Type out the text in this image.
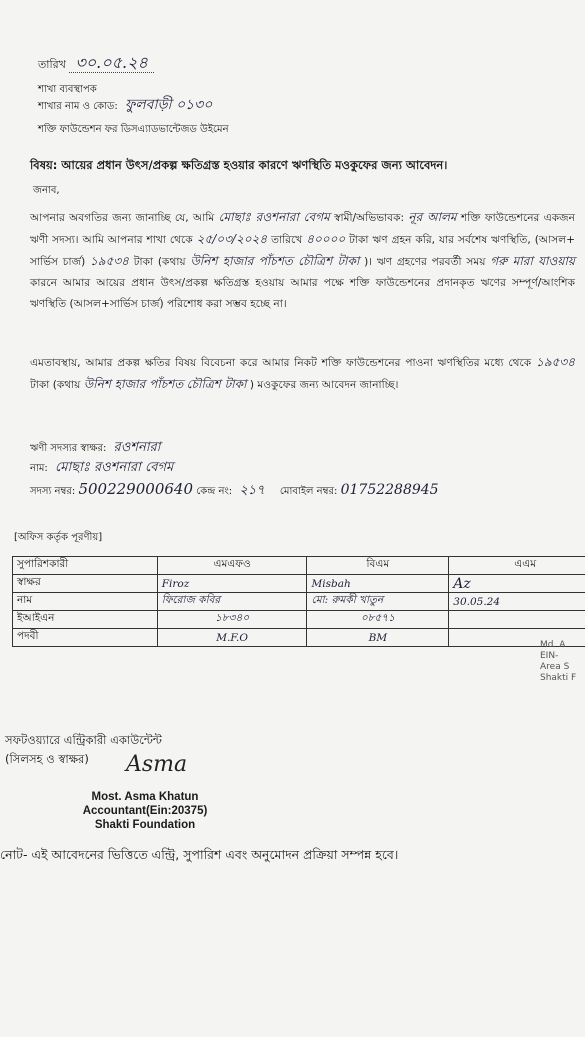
তারিখ ৩০.০৫.২৪
শাখা ব্যবস্থাপক
শাখার নাম ও কোড: ফুলবাড়ী ০১৩০
শক্তি ফাউন্ডেশন ফর ডিসএ্যাডভান্টেজড উইমেন
বিষয়: আয়ের প্রধান উৎস/প্রকল্প ক্ষতিগ্রস্ত হওয়ার কারণে ঋণস্থিতি মওকুফের জন্য আবেদন।
জনাব,
আপনার অবগতির জন্য জানাচ্ছি যে, আমি মোছাঃ রওশনারা বেগম স্বামী/অভিভাবক: নূর আলম শক্তি ফাউন্ডেশনের একজন ঋণী সদস্য। আমি আপনার শাখা থেকে ২৫/০৩/২০২৪ তারিখে ৪০০০০ টাকা ঋণ গ্রহন করি, যার সর্বশেষ ঋণস্থিতি, (আসল+ সার্ভিস চার্জ) ১৯৫৩৪ টাকা (কথায় উনিশ হাজার পাঁচশত চৌত্রিশ টাকা )। ঋণ গ্রহণের পরবর্তী সময় গরু মারা যাওয়ায় কারনে আমার আয়ের প্রধান উৎস/প্রকল্প ক্ষতিগ্রস্ত হওয়ায় আমার পক্ষে শক্তি ফাউন্ডেশনের প্রদানকৃত ঋণের সম্পূর্ণ/আংশিক ঋণস্থিতি (আসল+সার্ভিস চার্জ) পরিশোধ করা সম্ভব হচ্ছে না।
এমতাবস্থায়, আমার প্রকল্প ক্ষতির বিষয় বিবেচনা করে আমার নিকট শক্তি ফাউন্ডেশনের পাওনা ঋণস্থিতির মধ্যে থেকে ১৯৫৩৪ টাকা (কথায় উনিশ হাজার পাঁচশত চৌত্রিশ টাকা ) মওকুফের জন্য আবেদন জানাচ্ছি।
ঋণী সদস্যর স্বাক্ষর: রওশনারা
নাম: মোছাঃ রওশনারা বেগম
সদস্য নম্বর: 500229000640 কেন্দ্র নং: ২১৭ মোবাইল নম্বর: 01752288945
[অফিস কর্তৃক পূরণীয়]
সুপারিশকারী	এমএফও	বিএম	এএম
স্বাক্ষর	Firoz	Misbah	Az
নাম	ফিরোজ কবির	মো: রুমকী খাতুন	30.05.24
ইআইএন	১৮৩৪০	০৮৫৭১	
পদবী	M.F.O	BM	
Md. A
EIN-
Area S
Shakti F
সফটওয়্যারে এন্ট্রিকারী একাউন্টেন্ট
(সিলসহ ও স্বাক্ষর) Asma
Most. Asma Khatun
Accountant(Ein:20375)
Shakti Foundation
নোট- এই আবেদনের ভিত্তিতে এন্ট্রি, সুপারিশ এবং অনুমোদন প্রক্রিয়া সম্পন্ন হবে।
